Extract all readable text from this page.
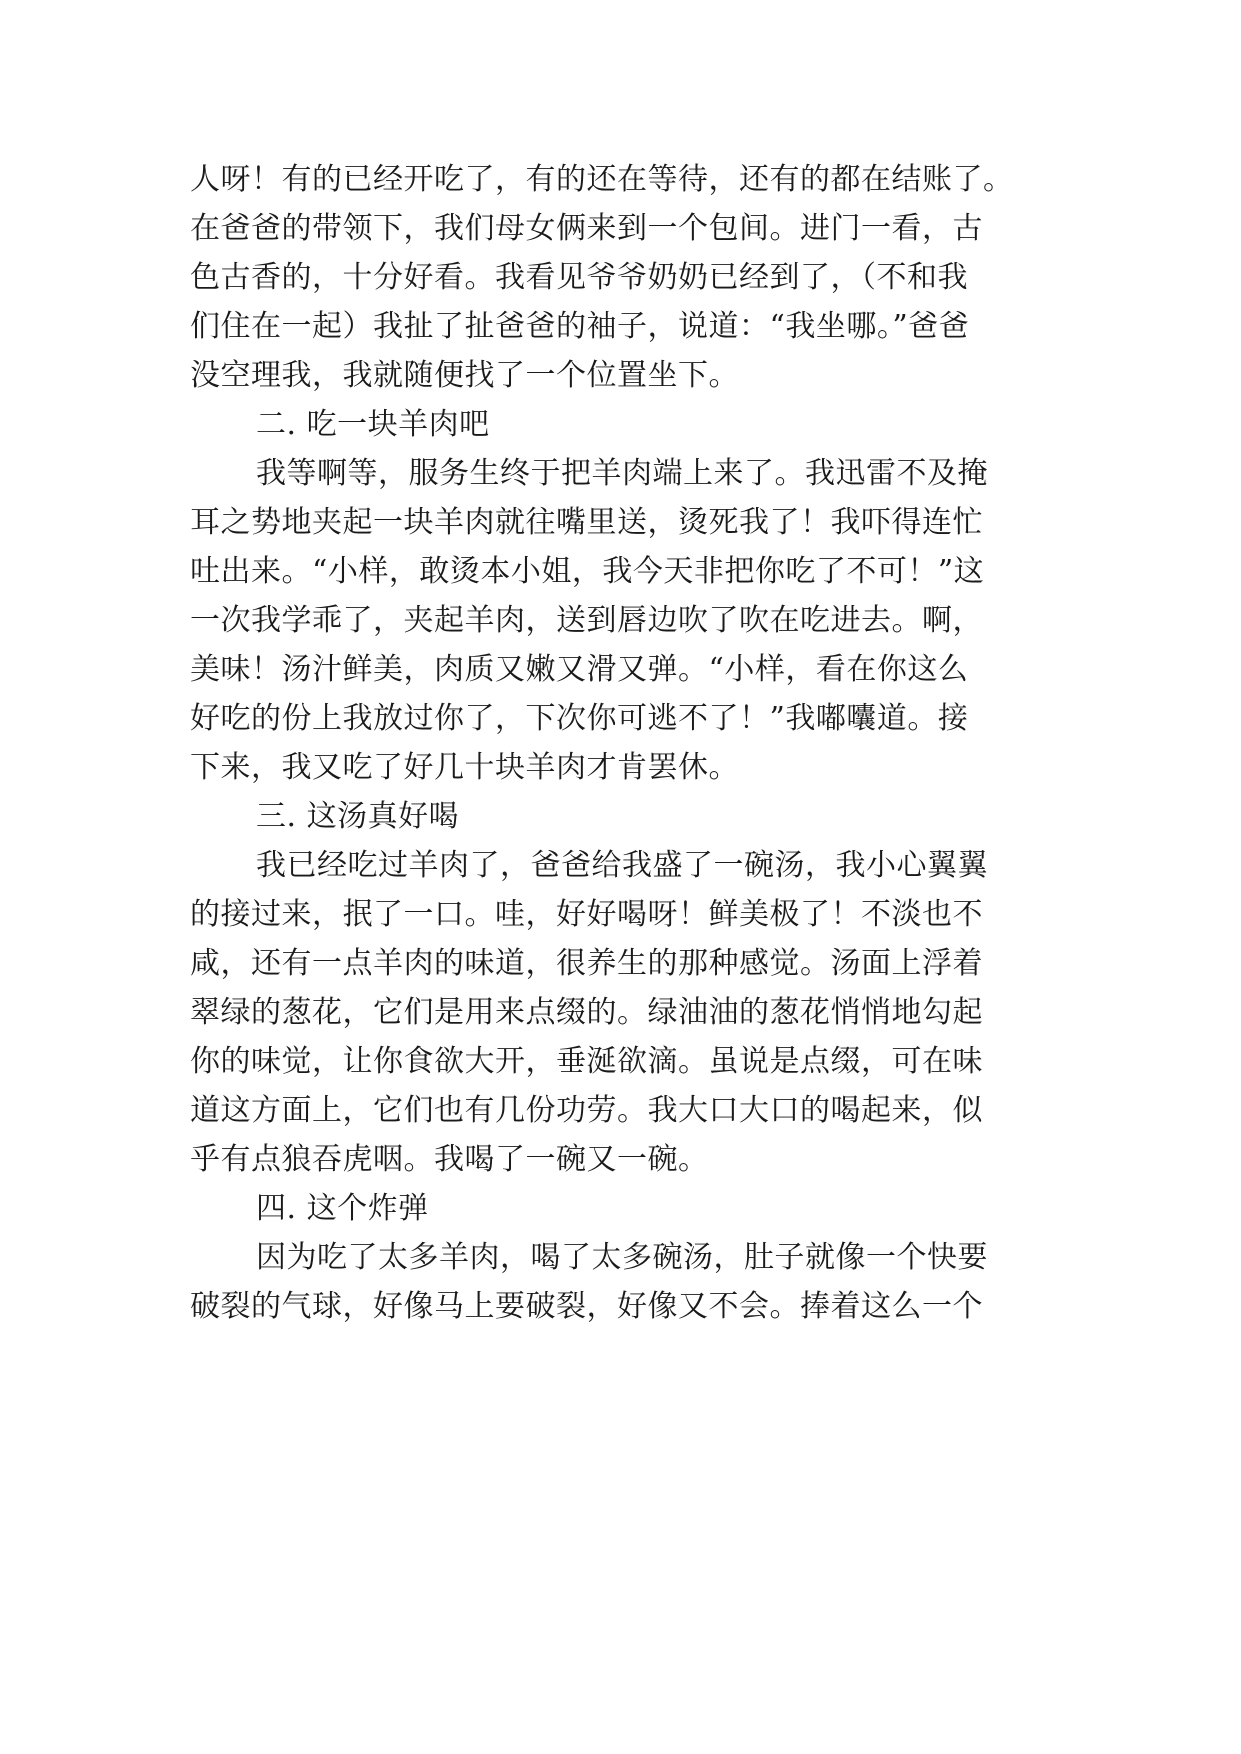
人呀！有的已经开吃了，有的还在等待，还有的都在结账了。
在爸爸的带领下，我们母女俩来到一个包间。进门一看，古
色古香的，十分好看。我看见爷爷奶奶已经到了，（不和我
们住在一起）我扯了扯爸爸的袖子，说道：“我坐哪。”爸爸
没空理我，我就随便找了一个位置坐下。
二. 吃一块羊肉吧
我等啊等，服务生终于把羊肉端上来了。我迅雷不及掩
耳之势地夹起一块羊肉就往嘴里送，烫死我了！我吓得连忙
吐出来。“小样，敢烫本小姐，我今天非把你吃了不可！”这
一次我学乖了，夹起羊肉，送到唇边吹了吹在吃进去。啊，
美味！汤汁鲜美，肉质又嫩又滑又弹。“小样，看在你这么
好吃的份上我放过你了，下次你可逃不了！”我嘟囔道。接
下来，我又吃了好几十块羊肉才肯罢休。
三. 这汤真好喝
我已经吃过羊肉了，爸爸给我盛了一碗汤，我小心翼翼
的接过来，抿了一口。哇，好好喝呀！鲜美极了！不淡也不
咸，还有一点羊肉的味道，很养生的那种感觉。汤面上浮着
翠绿的葱花，它们是用来点缀的。绿油油的葱花悄悄地勾起
你的味觉，让你食欲大开，垂涎欲滴。虽说是点缀，可在味
道这方面上，它们也有几份功劳。我大口大口的喝起来，似
乎有点狼吞虎咽。我喝了一碗又一碗。
四. 这个炸弹
因为吃了太多羊肉，喝了太多碗汤，肚子就像一个快要
破裂的气球，好像马上要破裂，好像又不会。捧着这么一个
